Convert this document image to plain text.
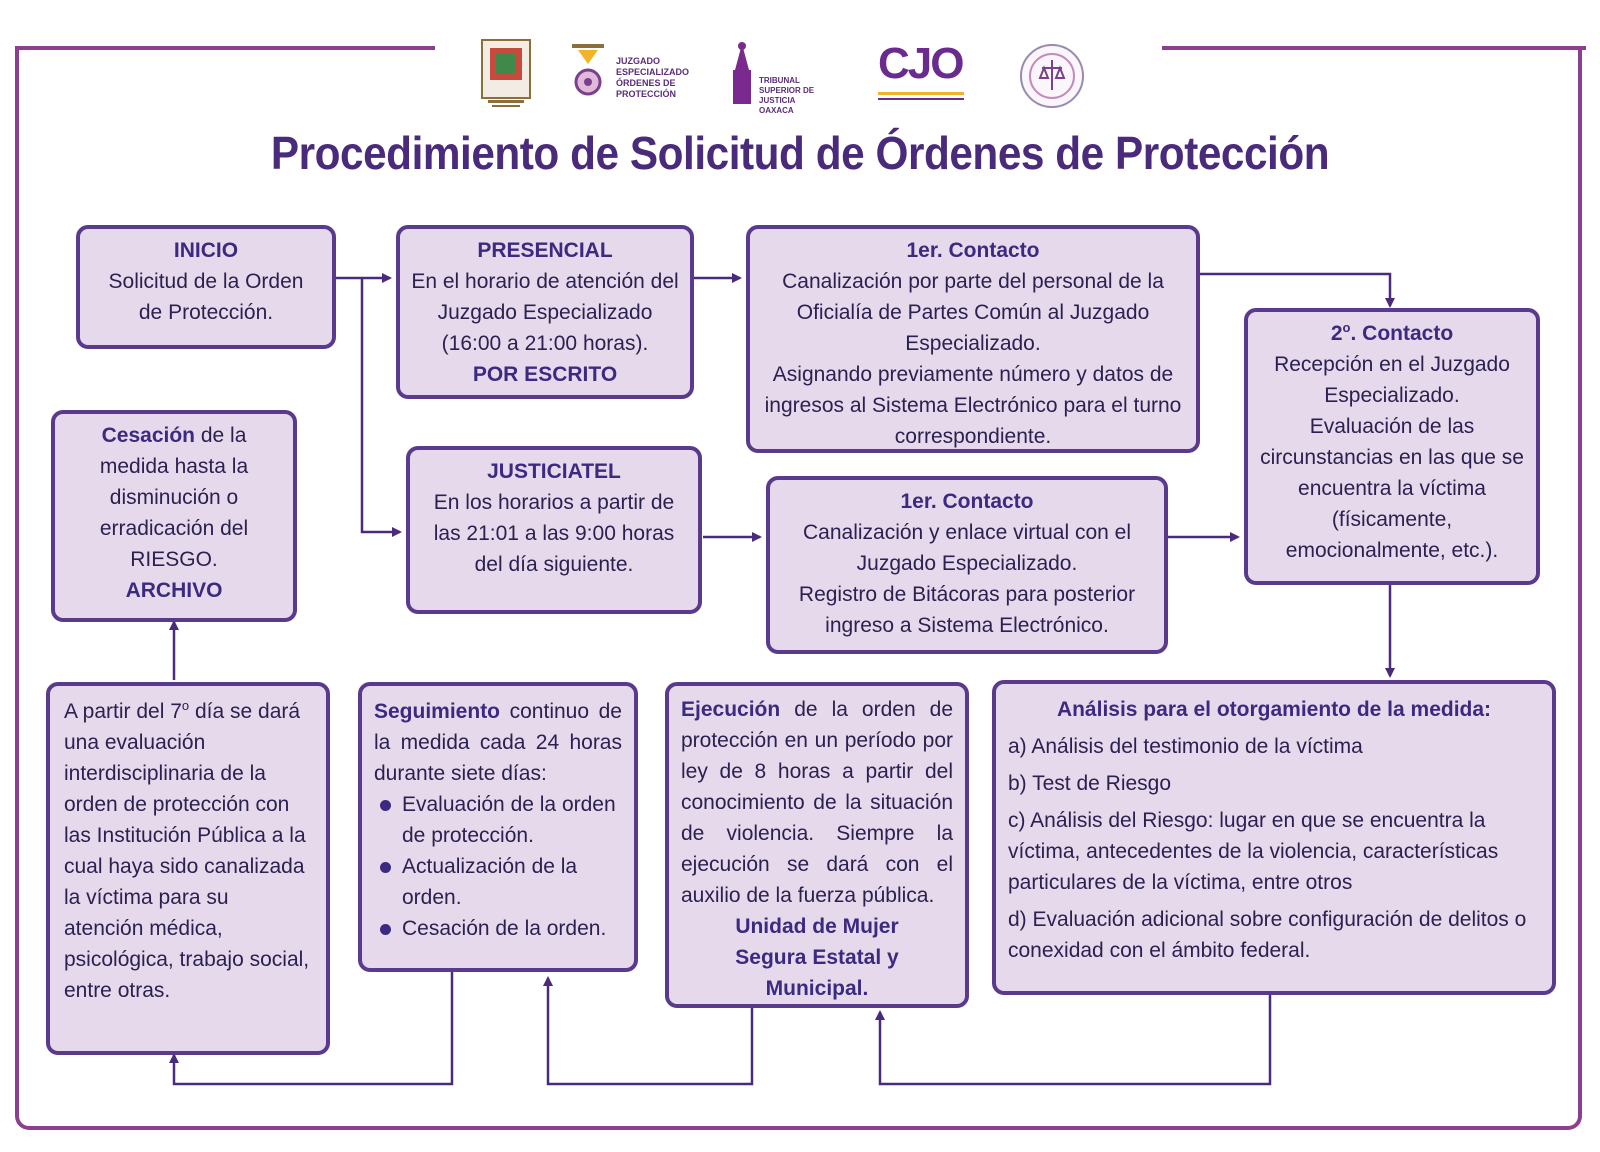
JUZGADO ESPECIALIZADO ÓRDENES DE PROTECCIÓN
TRIBUNAL SUPERIOR DE JUSTICIA OAXACA
CJO
Procedimiento de Solicitud de Órdenes de Protección
INICIO
Solicitud de la Orden de Protección.
PRESENCIAL
En el horario de atención del Juzgado Especializado (16:00 a 21:00 horas).
POR ESCRITO
1er. Contacto
Canalización por parte del personal de la Oficialía de Partes Común al Juzgado Especializado.
Asignando previamente número y datos de ingresos al Sistema Electrónico para el turno correspondiente.
2$^o$. Contacto
Recepción en el Juzgado Especializado.
Evaluación de las circunstancias en las que se encuentra la víctima (físicamente, emocionalmente, etc.).
Cesación de la medida hasta la disminución o erradicación del RIESGO.
ARCHIVO
JUSTICIATEL
En los horarios a partir de las 21:01 a las 9:00 horas del día siguiente.
1er. Contacto
Canalización y enlace virtual con el Juzgado Especializado.
Registro de Bitácoras para posterior ingreso a Sistema Electrónico.
A partir del 7$^o$ día se dará una evaluación interdisciplinaria de la orden de protección con las Institución Pública a la cual haya sido canalizada la víctima para su atención médica, psicológica, trabajo social, entre otras.
Seguimiento continuo de la medida cada 24 horas durante siete días:
Evaluación de la orden de protección.
Actualización de la orden.
Cesación de la orden.
Ejecución de la orden de protección en un período por ley de 8 horas a partir del conocimiento de la situación de violencia. Siempre la ejecución se dará con el auxilio de la fuerza pública.
Unidad de Mujer Segura Estatal y Municipal.
Análisis para el otorgamiento de la medida:
a) Análisis del testimonio de la víctima
b) Test de Riesgo
c) Análisis del Riesgo: lugar en que se encuentra la víctima, antecedentes de la violencia, características particulares de la víctima, entre otros
d) Evaluación adicional sobre configuración de delitos o conexidad con el ámbito federal.
